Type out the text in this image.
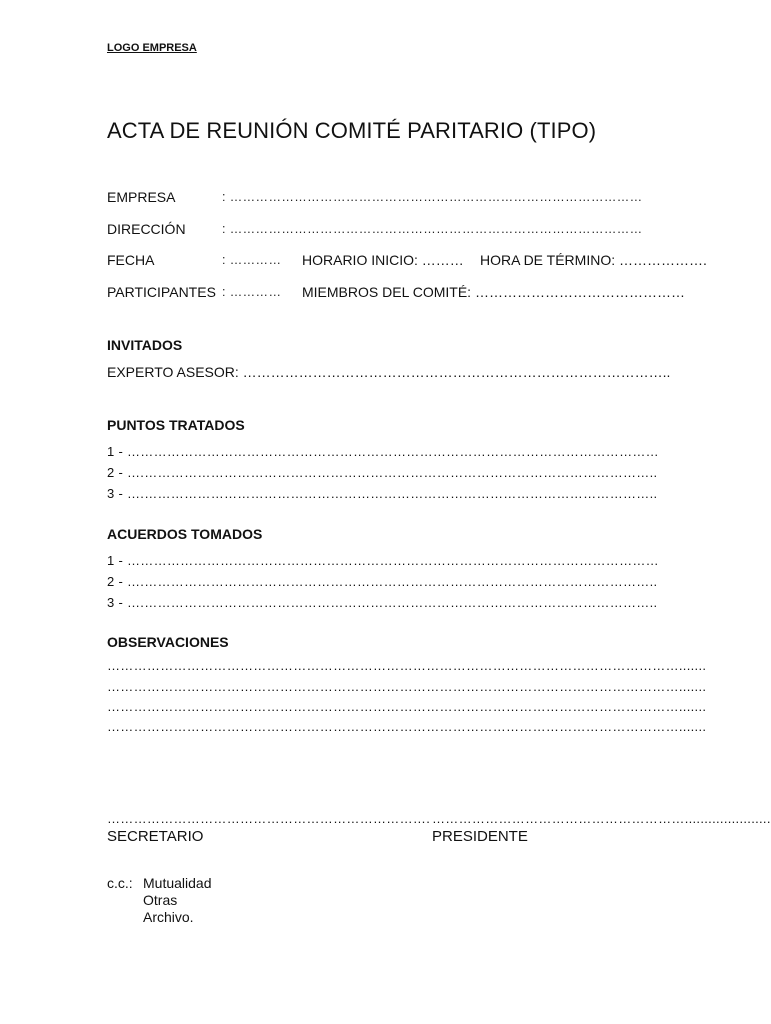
LOGO EMPRESA
ACTA DE REUNIÓN COMITÉ PARITARIO (TIPO)
EMPRESA	: ……………………………………………………………………………………
DIRECCIÓN	: ……………………………………………………………………………………
FECHA	: …………	HORARIO INICIO: ……… HORA DE TÉRMINO: ……………….
PARTICIPANTES : …………	MIEMBROS DEL COMITÉ: ………………………………………
INVITADOS
EXPERTO ASESOR: ………………………………………………………………………………..
PUNTOS TRATADOS
1 - …………………………………………………………………………………………………………
2 - ….……………………………………………………………………………………………………..
3 - ….……………………………………………………………………………………………………..
ACUERDOS TOMADOS
1 - …………………………………………………………………………………………………………
2 - ….……………………………………………………………………………………………………..
3 - ….……………………………………………………………………………………………………..
OBSERVACIONES
………………………………………………………………………………………………………………….......
………………………………………………………………………………………………………………….......
………………………………………………………………………………………………………………….......
………………………………………………………………………………………………………………….......
……………………………………………………………….
SECRETARIO
…………………………………………………......................
PRESIDENTE
c.c.: Mutualidad
Otras
Archivo.
